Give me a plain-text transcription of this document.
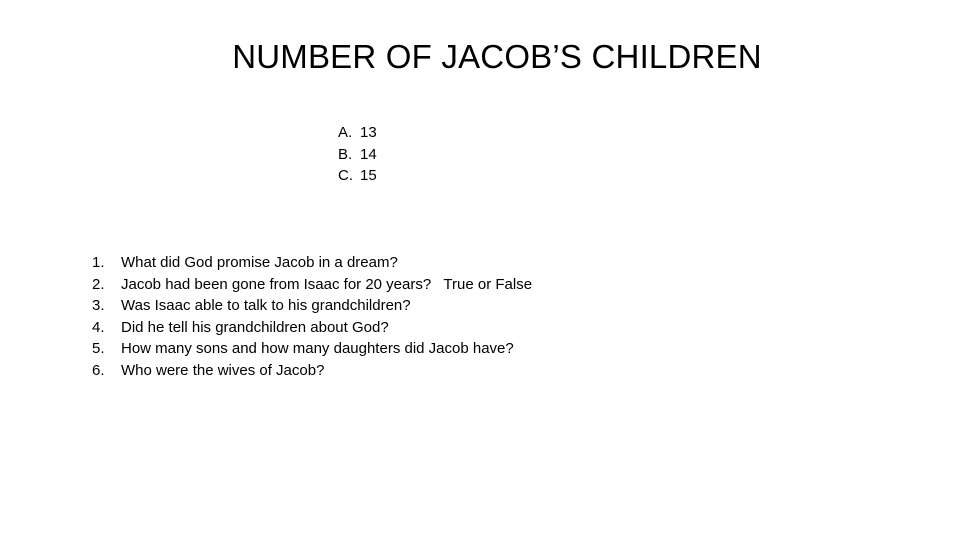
NUMBER OF JACOB’S CHILDREN
A. 13
B. 14
C. 15
1. What did God promise Jacob in a dream?
2. Jacob had been gone from Isaac for 20 years?   True or False
3. Was Isaac able to talk to his grandchildren?
4. Did he tell his grandchildren about God?
5. How many sons and how many daughters did Jacob have?
6. Who were the wives of Jacob?
